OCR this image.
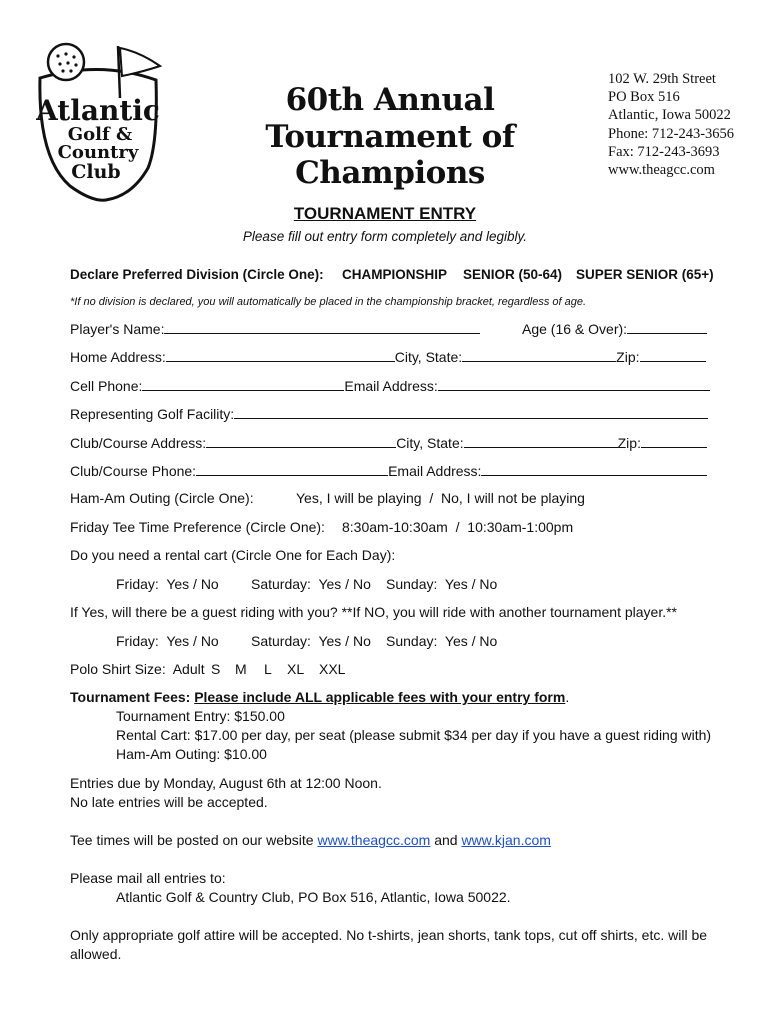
Atlantic
Golf &
Country
Club
60th Annual
Tournament of Champions
102 W. 29th Street
PO Box 516
Atlantic, Iowa 50022
Phone: 712-243-3656
Fax: 712-243-3693
www.theagcc.com
TOURNAMENT ENTRY
Please fill out entry form completely and legibly.
Declare Preferred Division (Circle One): CHAMPIONSHIP SENIOR (50-64) SUPER SENIOR (65+)
*If no division is declared, you will automatically be placed in the championship bracket, regardless of age.
Player's Name:	Age (16 & Over):
Home Address:	City, State:	Zip:
Cell Phone:	Email Address:
Representing Golf Facility:
Club/Course Address:	City, State:	Zip:
Club/Course Phone:	Email Address:
Ham-Am Outing (Circle One):	Yes, I will be playing  /  No, I will not be playing
Friday Tee Time Preference (Circle One): 8:30am-10:30am  /  10:30am-1:00pm
Do you need a rental cart (Circle One for Each Day):
Friday:  Yes / No Saturday:  Yes / No Sunday:  Yes / No
If Yes, will there be a guest riding with you? **If NO, you will ride with another tournament player.**
Friday:  Yes / No Saturday:  Yes / No Sunday:  Yes / No
Polo Shirt Size:  Adult S M L XL XXL
Tournament Fees: Please include ALL applicable fees with your entry form.
Tournament Entry: $150.00
Rental Cart: $17.00 per day, per seat (please submit $34 per day if you have a guest riding with)
Ham-Am Outing: $10.00
Entries due by Monday, August 6th at 12:00 Noon.
No late entries will be accepted.
Tee times will be posted on our website www.theagcc.com and www.kjan.com
Please mail all entries to:
Atlantic Golf & Country Club, PO Box 516, Atlantic, Iowa 50022.
Only appropriate golf attire will be accepted. No t-shirts, jean shorts, tank tops, cut off shirts, etc. will be
allowed.
